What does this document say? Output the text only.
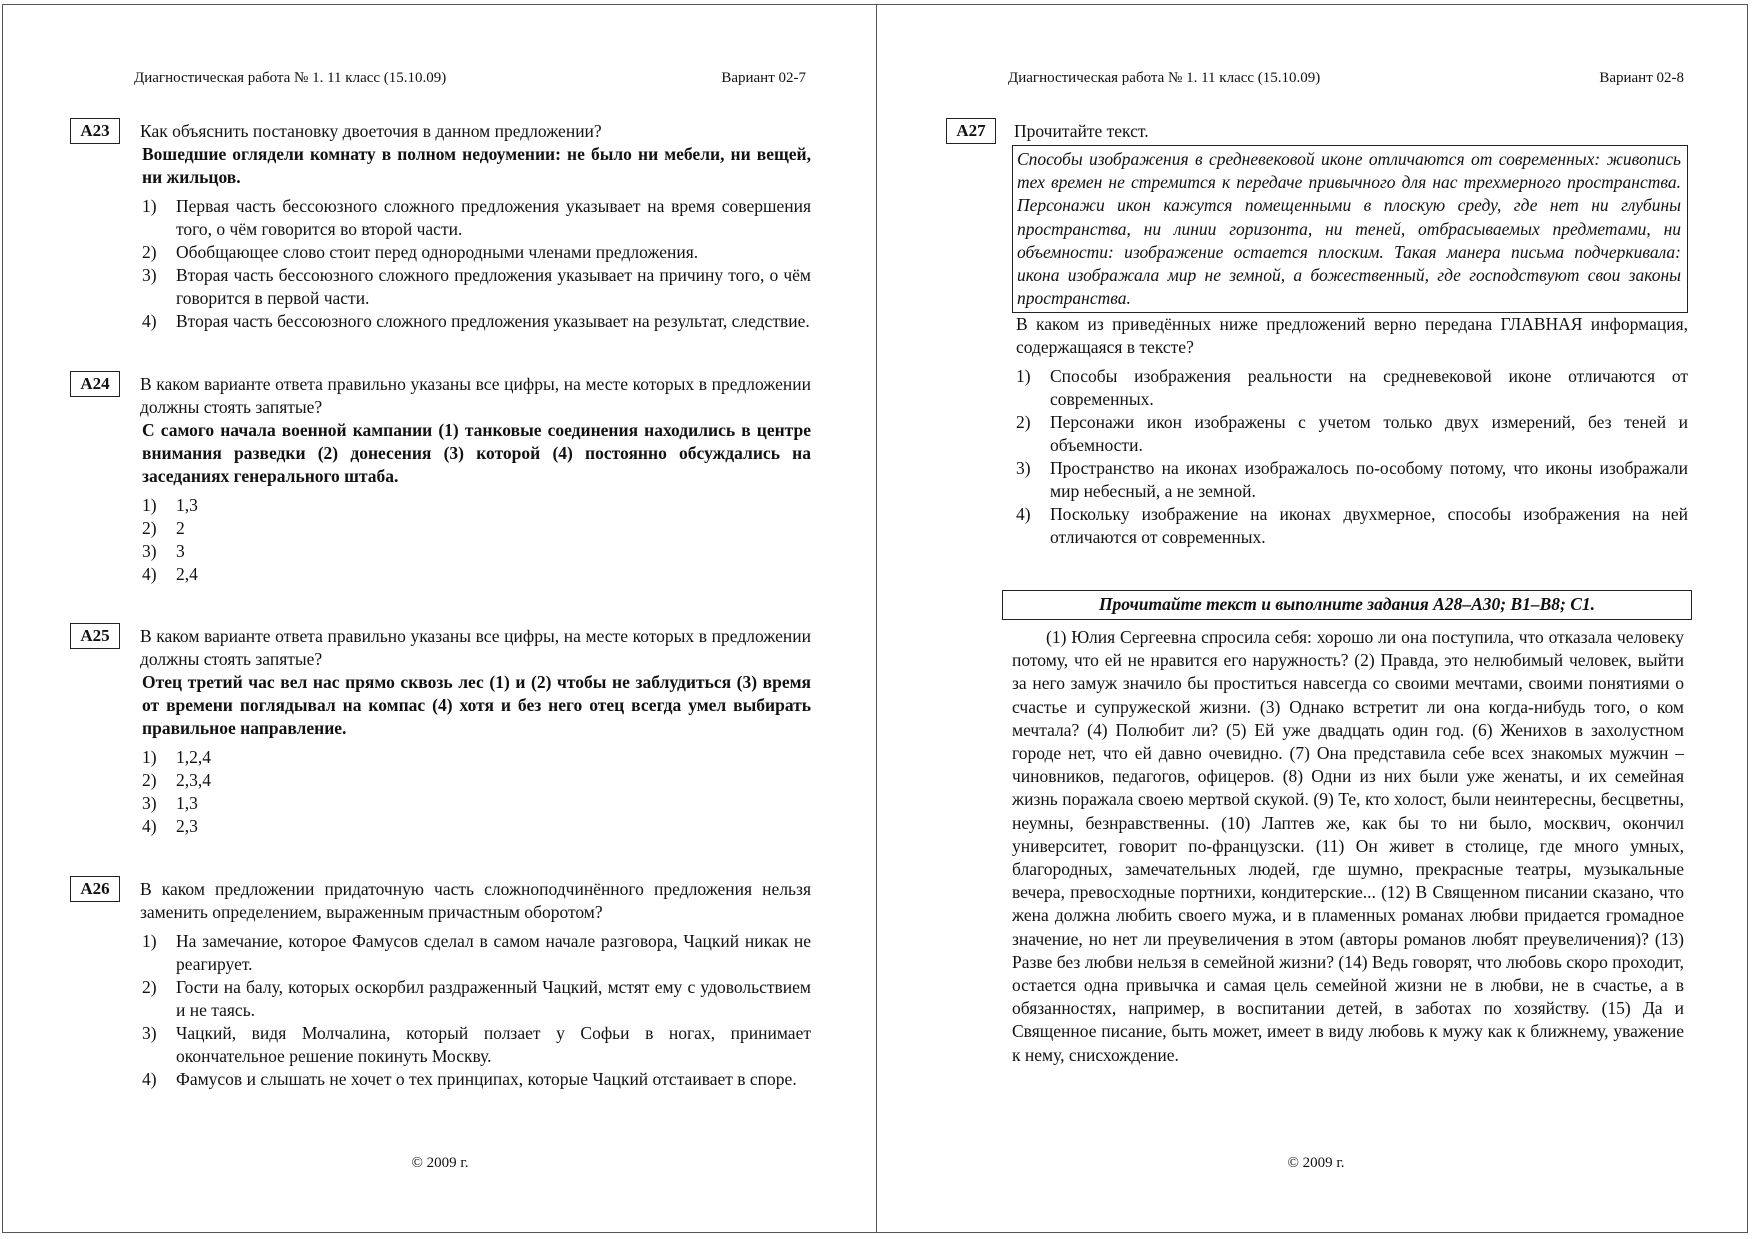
Диагностическая работа № 1. 11 класс (15.10.09)	Вариант 02-7
A23	Как объяснить постановку двоеточия в данном предложении?
Вошедшие оглядели комнату в полном недоумении: не было ни мебели, ни вещей, ни жильцов.
1) Первая часть бессоюзного сложного предложения указывает на время совершения того, о чём говорится во второй части.
2) Обобщающее слово стоит перед однородными членами предложения.
3) Вторая часть бессоюзного сложного предложения указывает на причину того, о чём говорится в первой части.
4) Вторая часть бессоюзного сложного предложения указывает на результат, следствие.
A24	В каком варианте ответа правильно указаны все цифры, на месте которых в предложении должны стоять запятые?
С самого начала военной кампании (1) танковые соединения находились в центре внимания разведки (2) донесения (3) которой (4) постоянно обсуждались на заседаниях генерального штаба.
1) 1,3
2) 2
3) 3
4) 2,4
A25	В каком варианте ответа правильно указаны все цифры, на месте которых в предложении должны стоять запятые?
Отец третий час вел нас прямо сквозь лес (1) и (2) чтобы не заблудиться (3) время от времени поглядывал на компас (4) хотя и без него отец всегда умел выбирать правильное направление.
1) 1,2,4
2) 2,3,4
3) 1,3
4) 2,3
A26	В каком предложении придаточную часть сложноподчинённого предложения нельзя заменить определением, выраженным причастным оборотом?
1) На замечание, которое Фамусов сделал в самом начале разговора, Чацкий никак не реагирует.
2) Гости на балу, которых оскорбил раздраженный Чацкий, мстят ему с удовольствием и не таясь.
3) Чацкий, видя Молчалина, который ползает у Софьи в ногах, принимает окончательное решение покинуть Москву.
4) Фамусов и слышать не хочет о тех принципах, которые Чацкий отстаивает в споре.
© 2009 г.
Диагностическая работа № 1. 11 класс (15.10.09)	Вариант 02-8
A27	Прочитайте текст.
Способы изображения в средневековой иконе отличаются от современных: живопись тех времен не стремится к передаче привычного для нас трехмерного пространства. Персонажи икон кажутся помещенными в плоскую среду, где нет ни глубины пространства, ни линии горизонта, ни теней, отбрасываемых предметами, ни объемности: изображение остается плоским. Такая манера письма подчеркивала: икона изображала мир не земной, а божественный, где господствуют свои законы пространства.
В каком из приведённых ниже предложений верно передана ГЛАВНАЯ информация, содержащаяся в тексте?
1) Способы изображения реальности на средневековой иконе отличаются от современных.
2) Персонажи икон изображены с учетом только двух измерений, без теней и объемности.
3) Пространство на иконах изображалось по-особому потому, что иконы изображали мир небесный, а не земной.
4) Поскольку изображение на иконах двухмерное, способы изображения на ней отличаются от современных.
Прочитайте текст и выполните задания А28–А30; В1–В8; С1.
(1) Юлия Сергеевна спросила себя: хорошо ли она поступила, что отказала человеку потому, что ей не нравится его наружность? (2) Правда, это нелюбимый человек, выйти за него замуж значило бы проститься навсегда со своими мечтами, своими понятиями о счастье и супружеской жизни. (3) Однако встретит ли она когда-нибудь того, о ком мечтала? (4) Полюбит ли? (5) Ей уже двадцать один год. (6) Женихов в захолустном городе нет, что ей давно очевидно. (7) Она представила себе всех знакомых мужчин – чиновников, педагогов, офицеров. (8) Одни из них были уже женаты, и их семейная жизнь поражала своею мертвой скукой. (9) Те, кто холост, были неинтересны, бесцветны, неумны, безнравственны. (10) Лаптев же, как бы то ни было, москвич, окончил университет, говорит по-французски. (11) Он живет в столице, где много умных, благородных, замечательных людей, где шумно, прекрасные театры, музыкальные вечера, превосходные портнихи, кондитерские... (12) В Священном писании сказано, что жена должна любить своего мужа, и в пламенных романах любви придается громадное значение, но нет ли преувеличения в этом (авторы романов любят преувеличения)? (13) Разве без любви нельзя в семейной жизни? (14) Ведь говорят, что любовь скоро проходит, остается одна привычка и самая цель семейной жизни не в любви, не в счастье, а в обязанностях, например, в воспитании детей, в заботах по хозяйству. (15) Да и Священное писание, быть может, имеет в виду любовь к мужу как к ближнему, уважение к нему, снисхождение.
© 2009 г.
